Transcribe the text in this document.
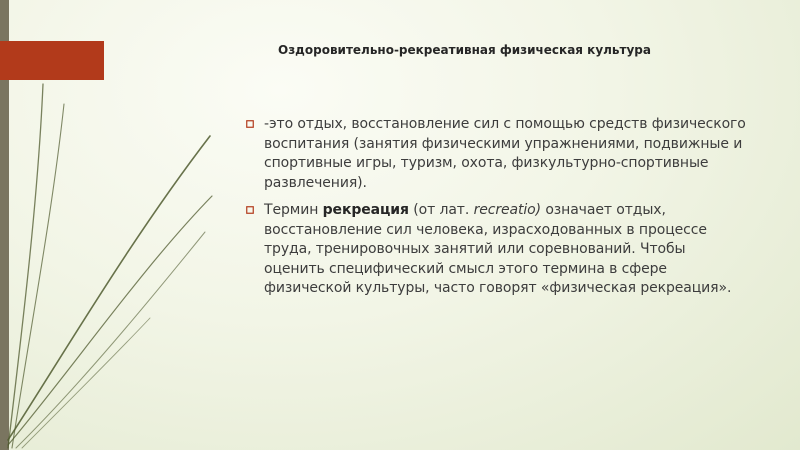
Оздоровительно-рекреативная физическая культура
-это отдых, восстановление сил с помощью средств физического воспитания (занятия физическими упражнениями, подвижные и спортивные игры, туризм, охота, физкультурно-спортивные развлечения).
Термин рекреация (от лат. recreatio) означает отдых, восстановление сил человека, израсходованных в процессе труда, тренировочных занятий или соревнований. Чтобы оценить специфический смысл этого термина в сфере физической культуры, часто говорят «физическая рекреация».
